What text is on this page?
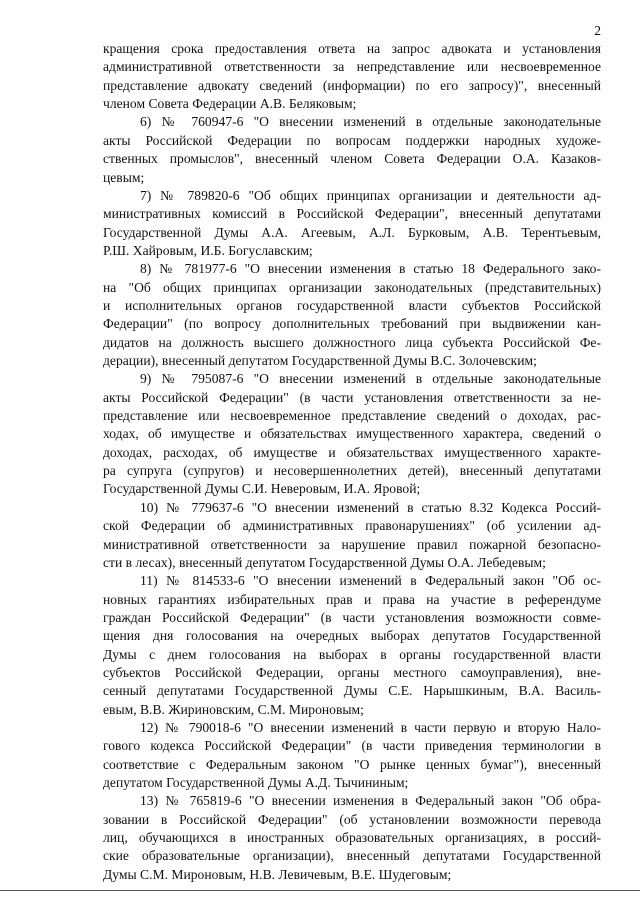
2
кращения срока предоставления ответа на запрос адвоката и установления
административной ответственности за непредставление или несвоевременное
представление адвокату сведений (информации) по его запросу)", внесенный
членом Совета Федерации А.В. Беляковым;
6) № 760947-6 "О внесении изменений в отдельные законодательные
акты Российской Федерации по вопросам поддержки народных художе-
ственных промыслов", внесенный членом Совета Федерации О.А. Казаков-
цевым;
7) № 789820-6 "Об общих принципах организации и деятельности ад-
министративных комиссий в Российской Федерации", внесенный депутатами
Государственной Думы А.А. Агеевым, А.Л. Бурковым, А.В. Терентьевым,
Р.Ш. Хайровым, И.Б. Богуславским;
8) № 781977-6 "О внесении изменения в статью 18 Федерального зако-
на "Об общих принципах организации законодательных (представительных)
и исполнительных органов государственной власти субъектов Российской
Федерации" (по вопросу дополнительных требований при выдвижении кан-
дидатов на должность высшего должностного лица субъекта Российской Фе-
дерации), внесенный депутатом Государственной Думы В.С. Золочевским;
9) № 795087-6 "О внесении изменений в отдельные законодательные
акты Российской Федерации" (в части установления ответственности за не-
представление или несвоевременное представление сведений о доходах, рас-
ходах, об имуществе и обязательствах имущественного характера, сведений о
доходах, расходах, об имуществе и обязательствах имущественного характе-
ра супруга (супругов) и несовершеннолетних детей), внесенный депутатами
Государственной Думы С.И. Неверовым, И.А. Яровой;
10) № 779637-6 "О внесении изменений в статью 8.32 Кодекса Россий-
ской Федерации об административных правонарушениях" (об усилении ад-
министративной ответственности за нарушение правил пожарной безопасно-
сти в лесах), внесенный депутатом Государственной Думы О.А. Лебедевым;
11) № 814533-6 "О внесении изменений в Федеральный закон "Об ос-
новных гарантиях избирательных прав и права на участие в референдуме
граждан Российской Федерации" (в части установления возможности совме-
щения дня голосования на очередных выборах депутатов Государственной
Думы с днем голосования на выборах в органы государственной власти
субъектов Российской Федерации, органы местного самоуправления), вне-
сенный депутатами Государственной Думы С.Е. Нарышкиным, В.А. Василь-
евым, В.В. Жириновским, С.М. Мироновым;
12) № 790018-6 "О внесении изменений в части первую и вторую Нало-
гового кодекса Российской Федерации" (в части приведения терминологии в
соответствие с Федеральным законом "О рынке ценных бумаг"), внесенный
депутатом Государственной Думы А.Д. Тычининым;
13) № 765819-6 "О внесении изменения в Федеральный закон "Об обра-
зовании в Российской Федерации" (об установлении возможности перевода
лиц, обучающихся в иностранных образовательных организациях, в россий-
ские образовательные организации), внесенный депутатами Государственной
Думы С.М. Мироновым, Н.В. Левичевым, В.Е. Шудеговым;
